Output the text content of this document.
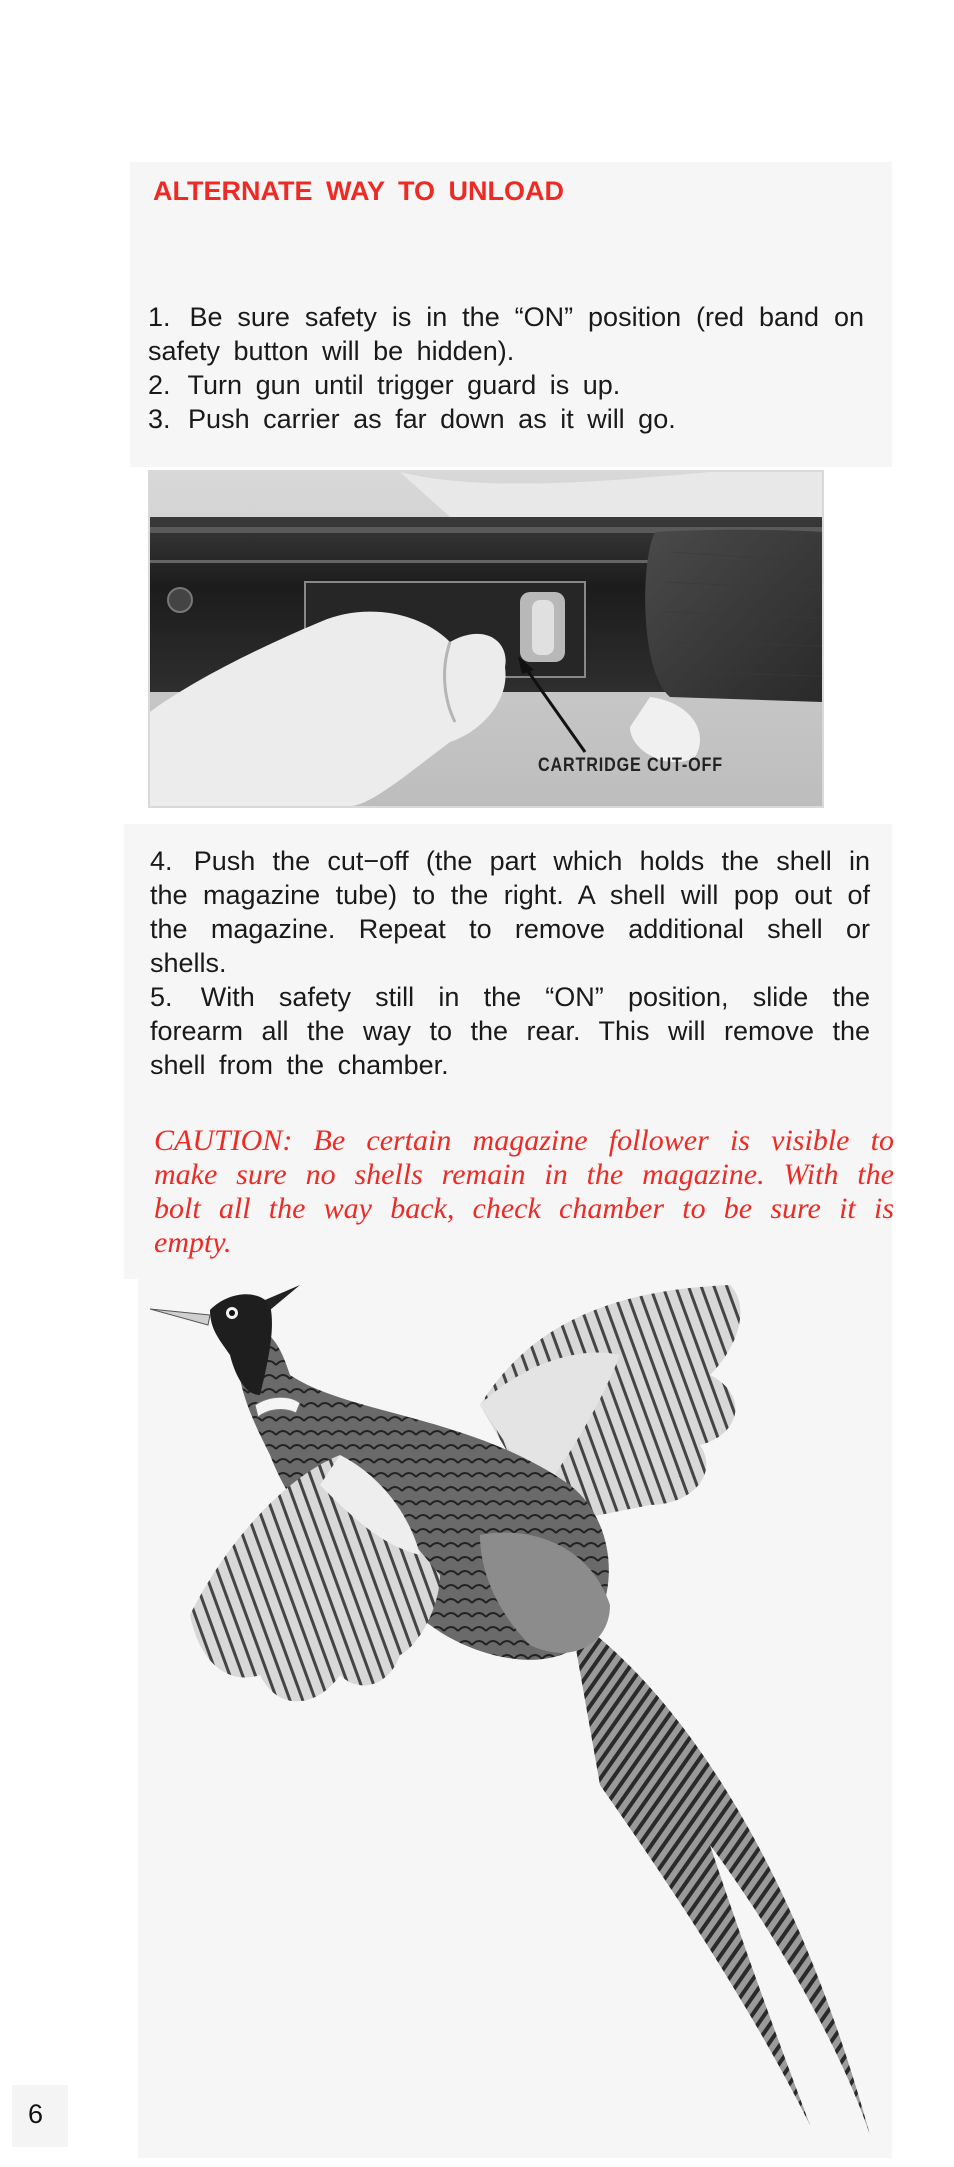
ALTERNATE WAY TO UNLOAD
1. Be sure safety is in the “ON” position (red band on safety button will be hidden).
2. Turn gun until trigger guard is up.
3. Push carrier as far down as it will go.
CARTRIDGE CUT-OFF
4. Push the cut−off (the part which holds the shell in the magazine tube) to the right. A shell will pop out of the magazine. Repeat to remove additional shell or shells.
5. With safety still in the “ON” position, slide the forearm all the way to the rear. This will remove the shell from the chamber.

CAUTION: Be certain magazine follower is visible to make sure no shells remain in the magazine. With the bolt all the way back, check chamber to be sure it is empty.

6
